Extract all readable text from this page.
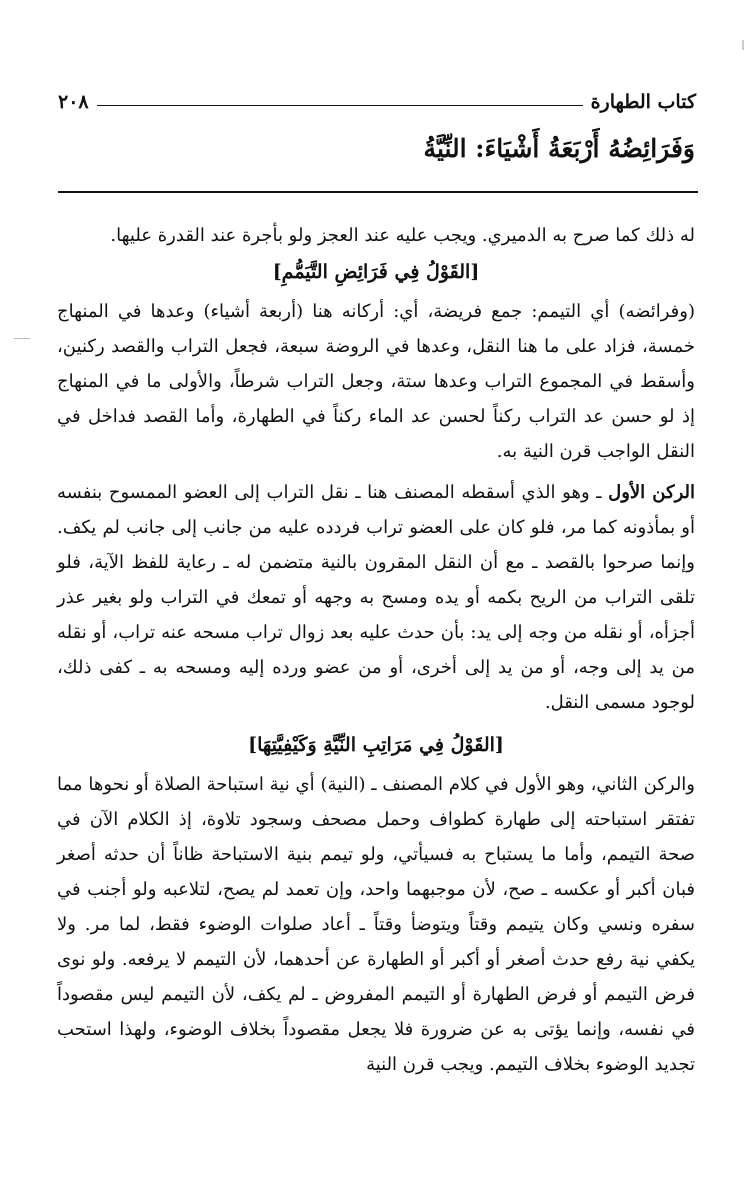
كتاب الطهارة
٢٠٨
وَفَرَائِضُهُ أَرْبَعَةُ أَشْيَاءَ: النِّيَّةُ

له ذلك كما صرح به الدميري. ويجب عليه عند العجز ولو بأجرة عند القدرة عليها.

[القَوْلُ فِي فَرَائِضِ التَّيَمُّمِ]

(وفرائضه) أي التيمم: جمع فريضة، أي: أركانه هنا (أربعة أشياء) وعدها في المنهاج خمسة، فزاد على ما هنا النقل، وعدها في الروضة سبعة، فجعل التراب والقصد ركنين، وأسقط في المجموع التراب وعدها ستة، وجعل التراب شرطاً، والأولى ما في المنهاج إذ لو حسن عد التراب ركناً لحسن عد الماء ركناً في الطهارة، وأما القصد فداخل في النقل الواجب قرن النية به.

الركن الأول ـ وهو الذي أسقطه المصنف هنا ـ نقل التراب إلى العضو الممسوح بنفسه أو بمأذونه كما مر، فلو كان على العضو تراب فردده عليه من جانب إلى جانب لم يكف. وإنما صرحوا بالقصد ـ مع أن النقل المقرون بالنية متضمن له ـ رعاية للفظ الآية، فلو تلقى التراب من الريح بكمه أو يده ومسح به وجهه أو تمعك في التراب ولو بغير عذر أجزأه، أو نقله من وجه إلى يد: بأن حدث عليه بعد زوال تراب مسحه عنه تراب، أو نقله من يد إلى وجه، أو من يد إلى أخرى، أو من عضو ورده إليه ومسحه به ـ كفى ذلك، لوجود مسمى النقل.

[القَوْلُ فِي مَرَاتِبِ النِّيَّةِ وَكَيْفِيَّتِهَا]

والركن الثاني، وهو الأول في كلام المصنف ـ (النية) أي نية استباحة الصلاة أو نحوها مما تفتقر استباحته إلى طهارة كطواف وحمل مصحف وسجود تلاوة، إذ الكلام الآن في صحة التيمم، وأما ما يستباح به فسيأتي، ولو تيمم بنية الاستباحة ظاناً أن حدثه أصغر فبان أكبر أو عكسه ـ صح، لأن موجبهما واحد، وإن تعمد لم يصح، لتلاعبه ولو أجنب في سفره ونسي وكان يتيمم وقتاً ويتوضأ وقتاً ـ أعاد صلوات الوضوء فقط، لما مر. ولا يكفي نية رفع حدث أصغر أو أكبر أو الطهارة عن أحدهما، لأن التيمم لا يرفعه. ولو نوى فرض التيمم أو فرض الطهارة أو التيمم المفروض ـ لم يكف، لأن التيمم ليس مقصوداً في نفسه، وإنما يؤتى به عن ضرورة فلا يجعل مقصوداً بخلاف الوضوء، ولهذا استحب تجديد الوضوء بخلاف التيمم. ويجب قرن النية
